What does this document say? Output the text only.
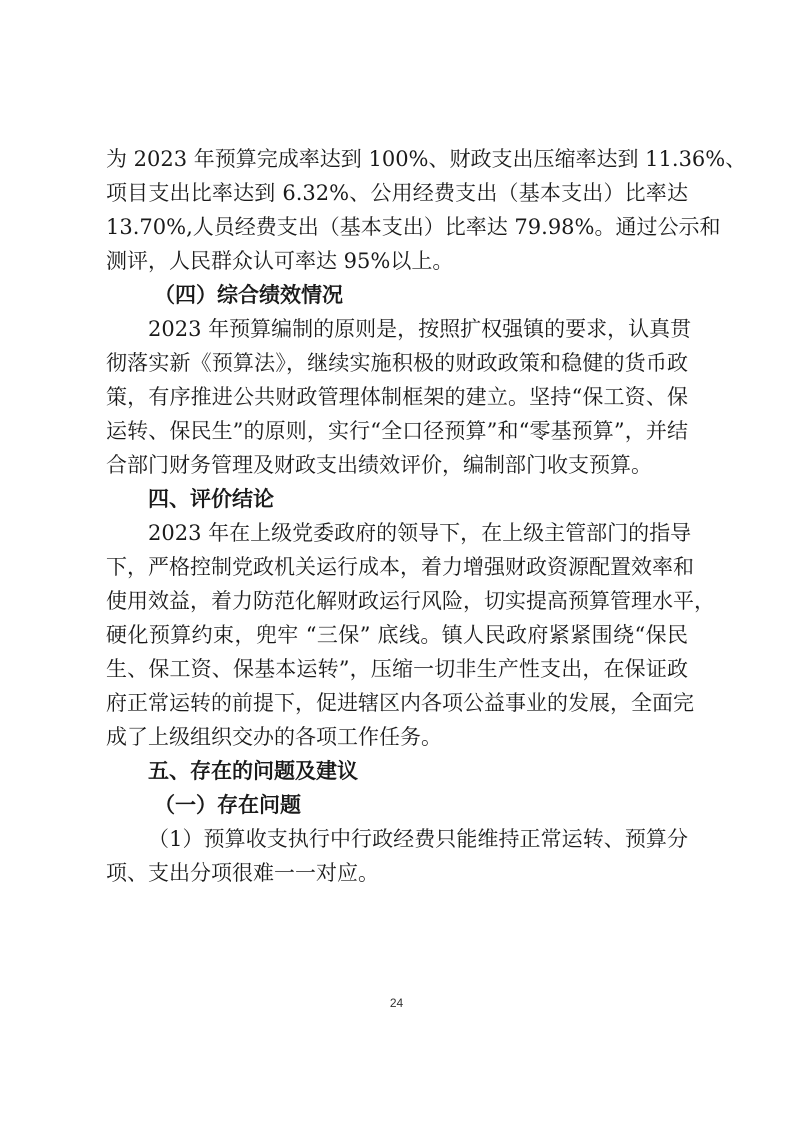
为 2023 年预算完成率达到 100%、财政支出压缩率达到 11.36%、
项目支出比率达到 6.32%、公用经费支出（基本支出）比率达
13.70%,人员经费支出（基本支出）比率达 79.98%。通过公示和
测评，人民群众认可率达 95%以上。
（四）综合绩效情况
2023 年预算编制的原则是，按照扩权强镇的要求，认真贯
彻落实新《预算法》，继续实施积极的财政政策和稳健的货币政
策，有序推进公共财政管理体制框架的建立。坚持“保工资、保
运转、保民生”的原则，实行“全口径预算”和“零基预算”，并结
合部门财务管理及财政支出绩效评价，编制部门收支预算。
四、评价结论
2023 年在上级党委政府的领导下，在上级主管部门的指导
下，严格控制党政机关运行成本，着力增强财政资源配置效率和
使用效益，着力防范化解财政运行风险，切实提高预算管理水平，
硬化预算约束，兜牢 “三保” 底线。镇人民政府紧紧围绕“保民
生、保工资、保基本运转”，压缩一切非生产性支出，在保证政
府正常运转的前提下，促进辖区内各项公益事业的发展，全面完
成了上级组织交办的各项工作任务。
五、存在的问题及建议
（一）存在问题
（1）预算收支执行中行政经费只能维持正常运转、预算分
项、支出分项很难一一对应。
24
